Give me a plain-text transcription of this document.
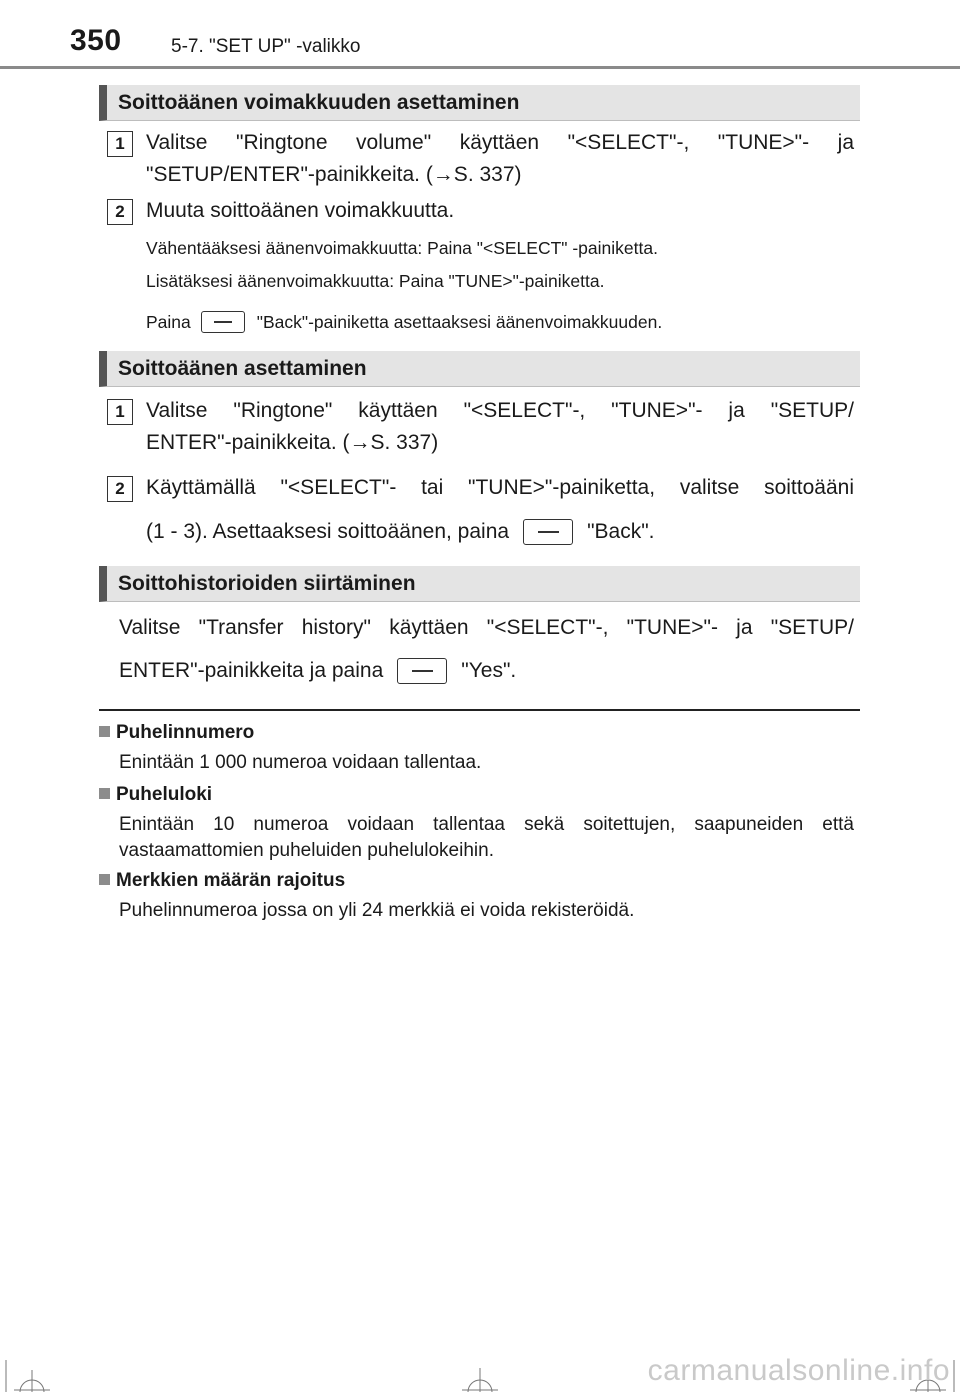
350	5-7. "SET UP" -valikko
Soittoäänen voimakkuuden asettaminen
1	Valitse "Ringtone volume" käyttäen "<SELECT"-, "TUNE>"- ja
"SETUP/ENTER"-painikkeita. (→S. 337)
2	Muuta soittoäänen voimakkuutta.
Vähentääksesi äänenvoimakkuutta: Paina "<SELECT" -painiketta.
Lisätäksesi äänenvoimakkuutta: Paina "TUNE>"-painiketta.
Paina	"Back"-painiketta asettaaksesi äänenvoimakkuuden.
Soittoäänen asettaminen
1	Valitse "Ringtone" käyttäen "<SELECT"-, "TUNE>"- ja "SETUP/
ENTER"-painikkeita. (→S. 337)
2	Käyttämällä "<SELECT"- tai "TUNE>"-painiketta, valitse soittoääni
(1 - 3). Asettaaksesi soittoäänen, paina	"Back".
Soittohistorioiden siirtäminen
Valitse "Transfer history" käyttäen "<SELECT"-, "TUNE>"- ja "SETUP/
ENTER"-painikkeita ja paina	"Yes".
Puhelinnumero
Enintään 1 000 numeroa voidaan tallentaa.
Puheluloki
Enintään 10 numeroa voidaan tallentaa sekä soitettujen, saapuneiden että
vastaamattomien puheluiden puhelulokeihin.
Merkkien määrän rajoitus
Puhelinnumeroa jossa on yli 24 merkkiä ei voida rekisteröidä.
carmanualsonline.info
